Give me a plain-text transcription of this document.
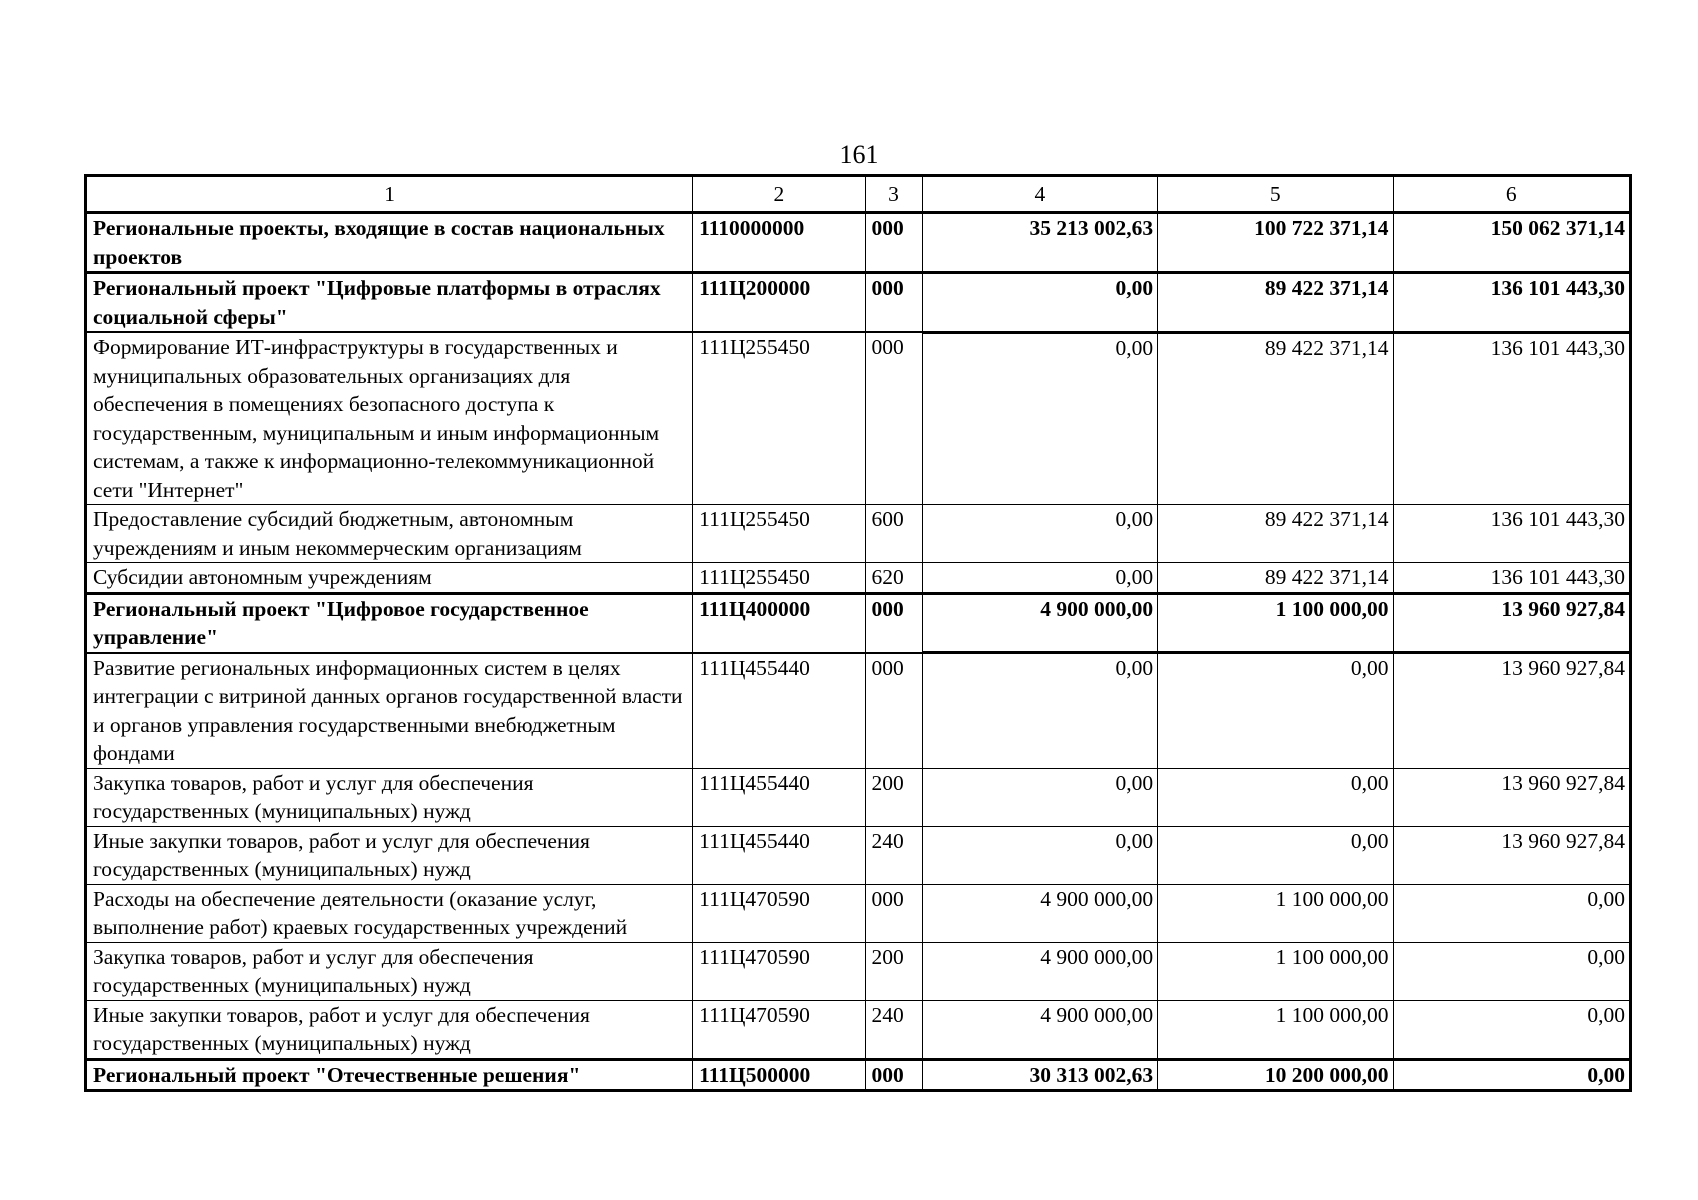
161
1	2	3	4	5	6
Региональные проекты, входящие в состав национальных проектов	1110000000	000	35 213 002,63	100 722 371,14	150 062 371,14
Региональный проект "Цифровые платформы в отраслях социальной сферы"	111Ц200000	000	0,00	89 422 371,14	136 101 443,30
Формирование ИТ-инфраструктуры в государственных и муниципальных образовательных организациях для обеспечения в помещениях безопасного доступа к государственным, муниципальным и иным информационным системам, а также к информационно-телекоммуникационной сети "Интернет"	111Ц255450	000	0,00	89 422 371,14	136 101 443,30
Предоставление субсидий бюджетным, автономным учреждениям и иным некоммерческим организациям	111Ц255450	600	0,00	89 422 371,14	136 101 443,30
Субсидии автономным учреждениям	111Ц255450	620	0,00	89 422 371,14	136 101 443,30
Региональный проект "Цифровое государственное управление"	111Ц400000	000	4 900 000,00	1 100 000,00	13 960 927,84
Развитие региональных информационных систем в целях интеграции с витриной данных органов государственной власти и органов управления государственными внебюджетным фондами	111Ц455440	000	0,00	0,00	13 960 927,84
Закупка товаров, работ и услуг для обеспечения государственных (муниципальных) нужд	111Ц455440	200	0,00	0,00	13 960 927,84
Иные закупки товаров, работ и услуг для обеспечения государственных (муниципальных) нужд	111Ц455440	240	0,00	0,00	13 960 927,84
Расходы на обеспечение деятельности (оказание услуг, выполнение работ) краевых государственных учреждений	111Ц470590	000	4 900 000,00	1 100 000,00	0,00
Закупка товаров, работ и услуг для обеспечения государственных (муниципальных) нужд	111Ц470590	200	4 900 000,00	1 100 000,00	0,00
Иные закупки товаров, работ и услуг для обеспечения государственных (муниципальных) нужд	111Ц470590	240	4 900 000,00	1 100 000,00	0,00
Региональный проект "Отечественные решения"	111Ц500000	000	30 313 002,63	10 200 000,00	0,00
